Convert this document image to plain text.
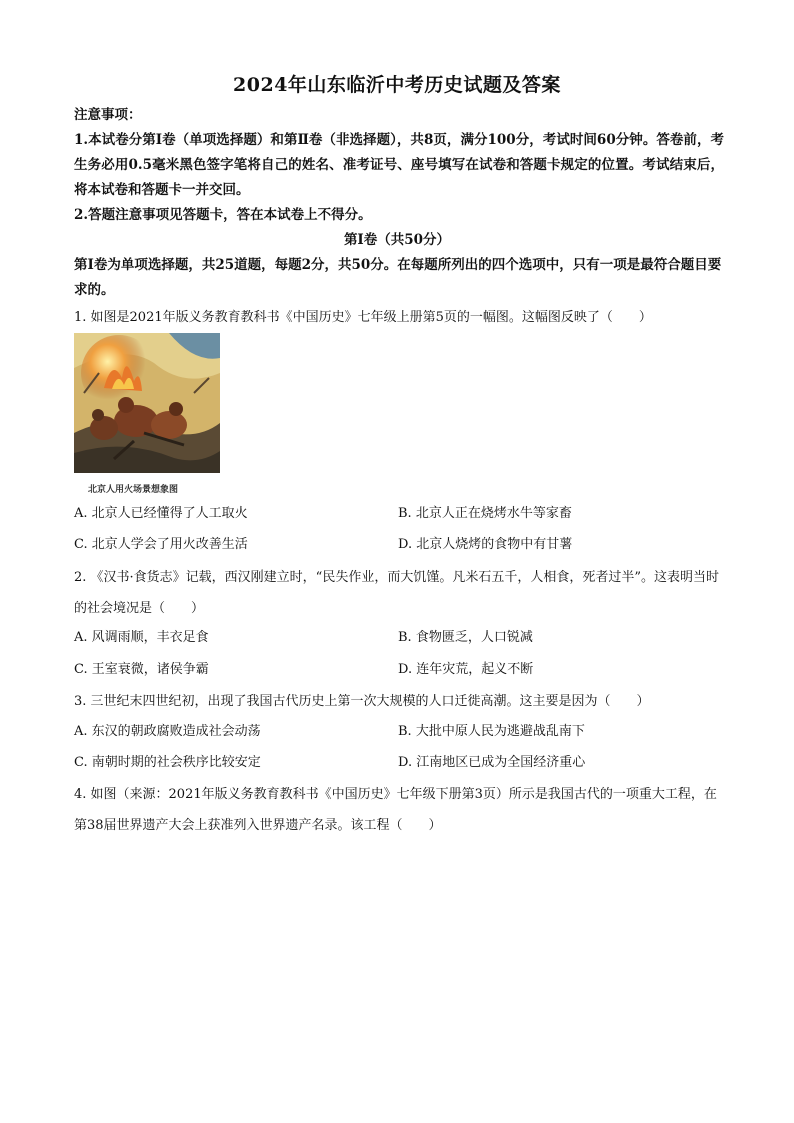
2024年山东临沂中考历史试题及答案
注意事项：
1.本试卷分第Ⅰ卷（单项选择题）和第Ⅱ卷（非选择题），共8页，满分100分，考试时间60分钟。答卷前，考生务必用0.5毫米黑色签字笔将自己的姓名、准考证号、座号填写在试卷和答题卡规定的位置。考试结束后，将本试卷和答题卡一并交回。
2.答题注意事项见答题卡，答在本试卷上不得分。
第Ⅰ卷（共50分）
第Ⅰ卷为单项选择题，共25道题，每题2分，共50分。在每题所列出的四个选项中，只有一项是最符合题目要求的。
1. 如图是2021年版义务教育教科书《中国历史》七年级上册第5页的一幅图。这幅图反映了（　　）
北京人用火场景想象图
A. 北京人已经懂得了人工取火	B. 北京人正在烧烤水牛等家畜
C. 北京人学会了用火改善生活	D. 北京人烧烤的食物中有甘薯
2. 《汉书·食货志》记载，西汉刚建立时，“民失作业，而大饥馑。凡米石五千，人相食，死者过半”。这表明当时的社会境况是（　　）
A. 风调雨顺，丰衣足食	B. 食物匮乏，人口锐减
C. 王室衰微，诸侯争霸	D. 连年灾荒，起义不断
3. 三世纪末四世纪初，出现了我国古代历史上第一次大规模的人口迁徙高潮。这主要是因为（　　）
A. 东汉的朝政腐败造成社会动荡	B. 大批中原人民为逃避战乱南下
C. 南朝时期的社会秩序比较安定	D. 江南地区已成为全国经济重心
4. 如图（来源：2021年版义务教育教科书《中国历史》七年级下册第3页）所示是我国古代的一项重大工程，在第38届世界遗产大会上获准列入世界遗产名录。该工程（　　）
